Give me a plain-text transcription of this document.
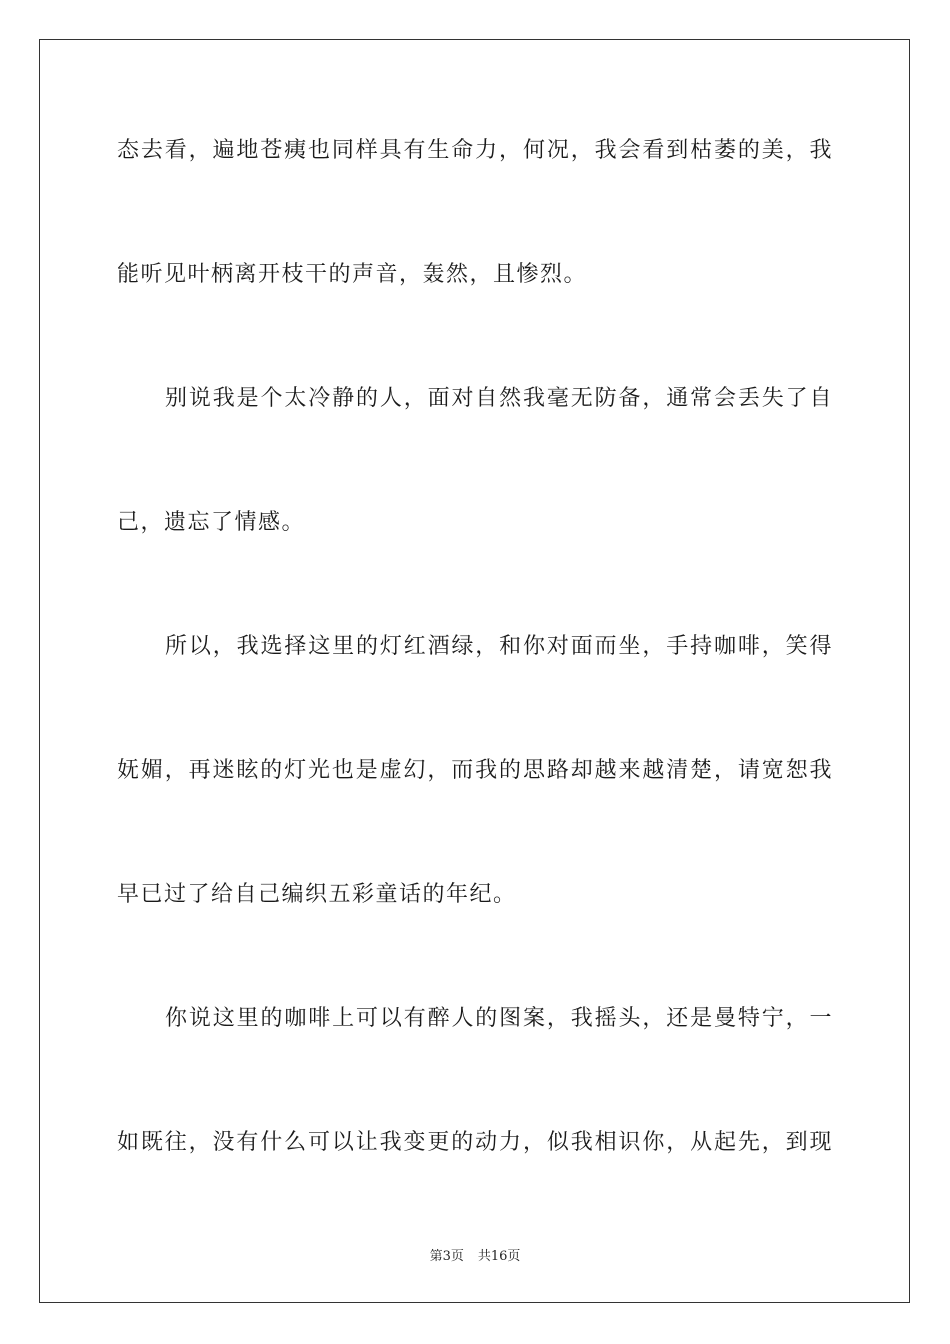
态去看，遍地苍痍也同样具有生命力，何况，我会看到枯萎的美，我
能听见叶柄离开枝干的声音，轰然，且惨烈。
别说我是个太冷静的人，面对自然我毫无防备，通常会丢失了自
己，遗忘了情感。
所以，我选择这里的灯红酒绿，和你对面而坐，手持咖啡，笑得
妩媚，再迷眩的灯光也是虚幻，而我的思路却越来越清楚，请宽恕我
早已过了给自己编织五彩童话的年纪。
你说这里的咖啡上可以有醉人的图案，我摇头，还是曼特宁，一
如既往，没有什么可以让我变更的动力，似我相识你，从起先，到现
第3页 共16页
